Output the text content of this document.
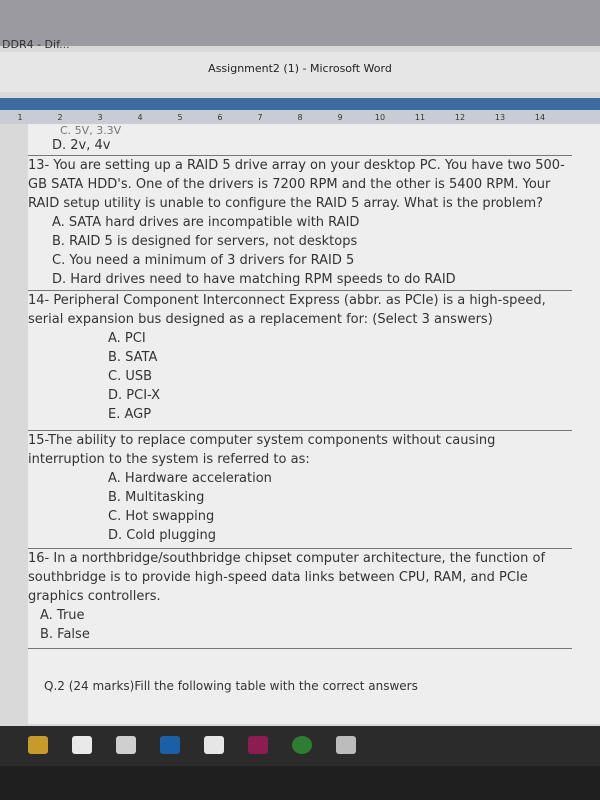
DDR4 - Dif...
Assignment2 (1) - Microsoft Word
1	2	3	4	5	6	7	8	9	10	11	12	13	14
C. 5V, 3.3V

D. 2v, 4v

13- You are setting up a RAID 5 drive array on your desktop PC. You have two 500-GB SATA HDD's. One of the drivers is 7200 RPM and the other is 5400 RPM. Your RAID setup utility is unable to configure the RAID 5 array. What is the problem?

A. SATA hard drives are incompatible with RAID

B. RAID 5 is designed for servers, not desktops

C. You need a minimum of 3 drivers for RAID 5

D. Hard drives need to have matching RPM speeds to do RAID

14- Peripheral Component Interconnect Express (abbr. as PCIe) is a high-speed, serial expansion bus designed as a replacement for: (Select 3 answers)

A. PCI

B. SATA

C. USB

D. PCI-X

E. AGP

15-The ability to replace computer system components without causing interruption to the system is referred to as:

A. Hardware acceleration

B. Multitasking

C. Hot swapping

D. Cold plugging

16- In a northbridge/southbridge chipset computer architecture, the function of southbridge is to provide high-speed data links between CPU, RAM, and PCIe graphics controllers.

A. True

B. False

Q.2 (24 marks)Fill the following table with the correct answers
